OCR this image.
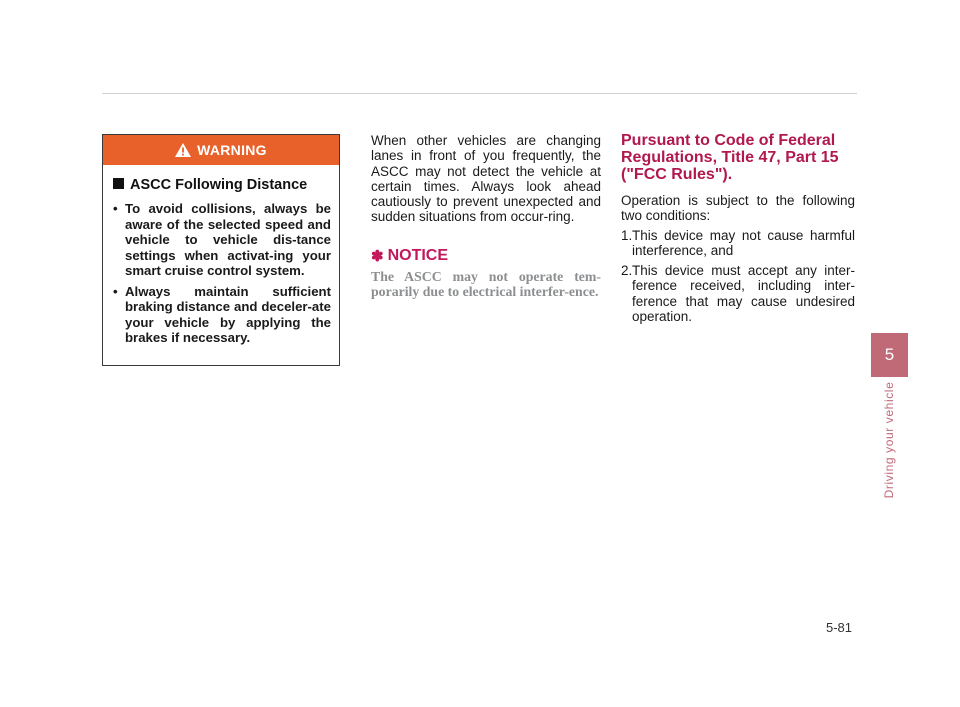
WARNING
ASCC Following Distance
• To avoid collisions, always be aware of the selected speed and vehicle to vehicle dis-tance settings when activat-ing your smart cruise control system.
• Always maintain sufficient braking distance and deceler-ate your vehicle by applying the brakes if necessary.

When other vehicles are changing lanes in front of you frequently, the ASCC may not detect the vehicle at certain times. Always look ahead cautiously to prevent unexpected and sudden situations from occur-ring.

✽ NOTICE
The ASCC may not operate tem-porarily due to electrical interfer-ence.
Pursuant to Code of Federal Regulations, Title 47, Part 15 ("FCC Rules").

Operation is subject to the following two conditions:

1. This device may not cause harmful interference, and
2. This device must accept any inter-ference received, including inter-ference that may cause undesired operation.
5
Driving your vehicle
5-81
